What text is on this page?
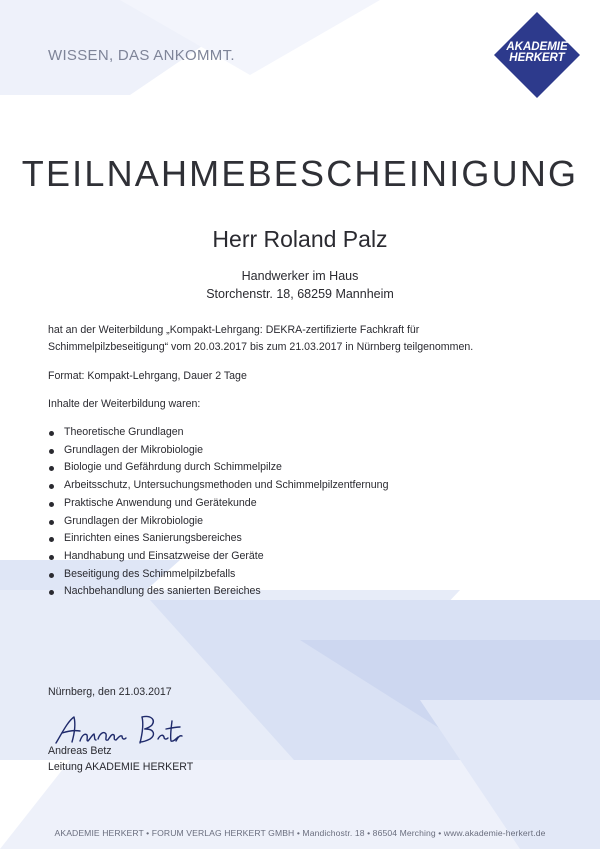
WISSEN, DAS ANKOMMT.	AKADEMIE
HERKERT
TEILNAHMEBESCHEINIGUNG
Herr Roland Palz
Handwerker im Haus
Storchenstr. 18, 68259 Mannheim
hat an der Weiterbildung „Kompakt-Lehrgang: DEKRA-zertifizierte Fachkraft für
Schimmelpilzbeseitigung“ vom 20.03.2017 bis zum 21.03.2017 in Nürnberg teilgenommen.
Format: Kompakt-Lehrgang, Dauer 2 Tage
Inhalte der Weiterbildung waren:
Theoretische Grundlagen
Grundlagen der Mikrobiologie
Biologie und Gefährdung durch Schimmelpilze
Arbeitsschutz, Untersuchungsmethoden und Schimmelpilzentfernung
Praktische Anwendung und Gerätekunde
Grundlagen der Mikrobiologie
Einrichten eines Sanierungsbereiches
Handhabung und Einsatzweise der Geräte
Beseitigung des Schimmelpilzbefalls
Nachbehandlung des sanierten Bereiches
Nürnberg, den 21.03.2017
Andreas Betz
Leitung AKADEMIE HERKERT
AKADEMIE HERKERT • FORUM VERLAG HERKERT GMBH • Mandichostr. 18 • 86504 Merching • www.akademie-herkert.de
